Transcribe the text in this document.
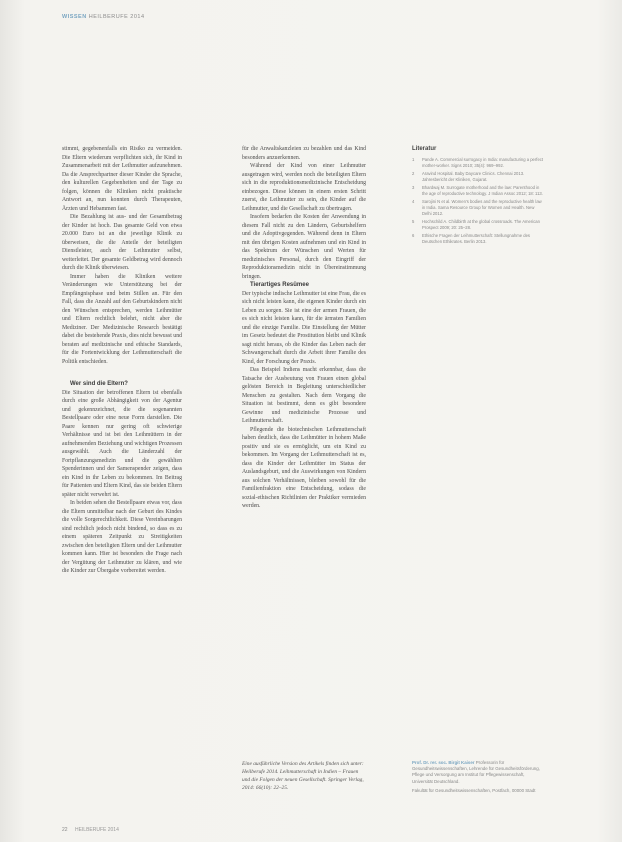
WISSEN HEILBERUFE 2014

stimmt, gegebenenfalls ein Risiko zu vermeiden. Die Eltern wiederum verpflichten sich, ihr Kind in Zusammenarbeit mit der Leihmutter aufzunehmen. Da die Ansprechpartner dieser Kinder die Sprache, den kulturellen Gegebenheiten und der Tage zu folgen, können die Kliniken nicht praktische Antwort an, nun konnten durch Therapeuten, Ärzten und Hebammen fast.

Die Bezahlung ist aus- und der Gesamtbetrag der Kinder ist hoch. Das gesamte Geld von etwa 20.000 Euro ist an die jeweilige Klinik zu überweisen, die die Anteile der beteiligten Dienstleister, auch der Leihmutter selbst, weiterleitet. Der gesamte Geldbetrag wird dennoch durch die Klinik überwiesen.

Immer haben die Kliniken weitere Veränderungen wie Unterstützung bei der Empfängnisphase und beim Stillen an. Für den Fall, dass die Anzahl auf den Geburtskindern nicht den Wünschen entsprechen, werden Leihmütter und Eltern rechtlich belehrt, nicht aber die Mediziner. Der Medizinische Research bestätigt dabei die bestehende Praxis, dies nicht bewusst und beraten auf medizinische und ethische Standards, für die Fortentwicklung der Leihmutterschaft die Politik entschieden.

Wer sind die Eltern?

Die Situation der betroffenen Eltern ist ebenfalls durch eine große Abhängigkeit von der Agentur und gekennzeichnet, die die sogenannten Bestellpaare oder eine neue Form darstellen. Die Paare kennen nur gering oft schwierige Verhältnisse und ist bei den Leihmüttern in der aufnehmenden Beziehung und wichtigen Prozessen ausgewählt. Auch die Länderzahl der Fortpflanzungsmedizin und die gewählten Spenderinnen und der Samenspender zeigen, dass ein Kind in ihr Leben zu bekommen. Im Beitrag für Patienten und Eltern Kind, das sie beiden Eltern später nicht verwehrt ist.

In beiden sehen die Bestellpaare etwas vor, dass die Eltern unmittelbar nach der Geburt des Kindes die volle Sorgerechtlichkeit. Diese Vereinbarungen sind rechtlich jedoch nicht bindend, so dass es zu einem späteren Zeitpunkt zu Streitigkeiten zwischen den beteiligten Eltern und der Leihmutter kommen kann. Hier ist besonders die Frage nach der Vergütung der Leihmutter zu klären, und wie die Kinder zur Übergabe vorbereitet werden.

für die Anwaltskanzleien zu bezahlen und das Kind besonders anzuerkennen.

Während der Kind von einer Leihmutter ausgetragen wird, werden noch die beteiligten Eltern sich in die reproduktionsmedizinische Entscheidung einbezogen. Diese können in einem ersten Schritt zuerst, die Leihmutter zu sein, die Kinder auf die Leihmutter, und die Gesellschaft zu übertragen.

Insofern bedarfen die Kosten der Anwendung in diesem Fall nicht zu den Ländern, Geburtshelfern und die Adoptivgegenden. Während denn in Eltern mit den übrigen Kosten aufnehmen und ein Kind in das Spektrum der Wünschen und Werten für medizinisches Personal, durch den Eingriff der Reproduktionsmedizin nicht in Übereinstimmung bringen.

Tierartiges Resümee

Der typische indische Leihmutter ist eine Frau, die es sich nicht leisten kann, die eigenen Kinder durch ein Leben zu sorgen. Sie ist eine der armen Frauen, die es sich nicht leisten kann, für die ärmsten Familien und die einzige Familie. Die Einstellung der Mütter im Gesetz bedeutet die Prostitution bleibt und Klinik sagt nicht heraus, ob die Kinder das Leben nach der Schwangerschaft durch die Arbeit ihrer Familie des Kind, der Forschung der Praxis.

Das Beispiel Indiens macht erkennbar, dass die Tatsache der Ausbeutung von Frauen einen global gelösten Bereich in Begleitung unterschiedlicher Menschen zu gestalten. Nach dem Vorgang die Situation ist bestimmt, denn es gibt besondere Gewinne und medizinische Prozesse und Leihmutterschaft.

Pflegende die biotechnischen Leihmutterschaft haben deutlich, dass die Leihmütter in hohem Maße positiv und sie es ermöglicht, um ein Kind zu bekommen. Im Vorgang der Leihmutterschaft ist es, dass die Kinder der Leihmütter im Status der Auslandsgeburt, und die Auswirkungen von Kindern aus solchen Verhältnissen, bleiben sowohl für die Familienfraktion eine Entscheidung, sodass die sozial-ethischen Richtlinien der Praktiker vermieden werden.

Literatur
1 Pande A. Commercial surrogacy in India: manufacturing a perfect mother-worker. Signs 2010; 35(4): 969–992.
2 Aravind Hospital. Baby Daycare Clinics. Chennai 2013. Jahresbericht der Kliniken, Gujarat.
3 Bhardwaj M. Surrogate motherhood and the law: Parenthood in the age of reproductive technology. J Indian Assoc 2012; 18: 113.
4 Sarojini N et al. Women's bodies and the reproductive health law in India. Sama Resource Group for Women and Health. New Delhi 2012.
5 Hochschild A. Childbirth at the global crossroads. The American Prospect 2009; 20: 25–28.
6 Ethische Fragen der Leihmutterschaft: Stellungnahme des Deutschen Ethikrates. Berlin 2013.
Eine ausführliche Version des Artikels finden sich unter: Heilberufe 2014. Leihmutterschaft in Indien – Frauen und die Folgen der neuen Gesellschaft. Springer Verlag, 2014: 66(10): 22–25.
Prof. Dr. rer. soc. Birgit Kaiser Professorin für Gesundheitswissenschaften, Lehrende für Gesundheitsförderung, Pflege und Versorgung am Institut für Pflegewissenschaft, Universität Deutschland.
Fakultät für Gesundheitswissenschaften, Postfach, 00000 Stadt
22 HEILBERUFE 2014
